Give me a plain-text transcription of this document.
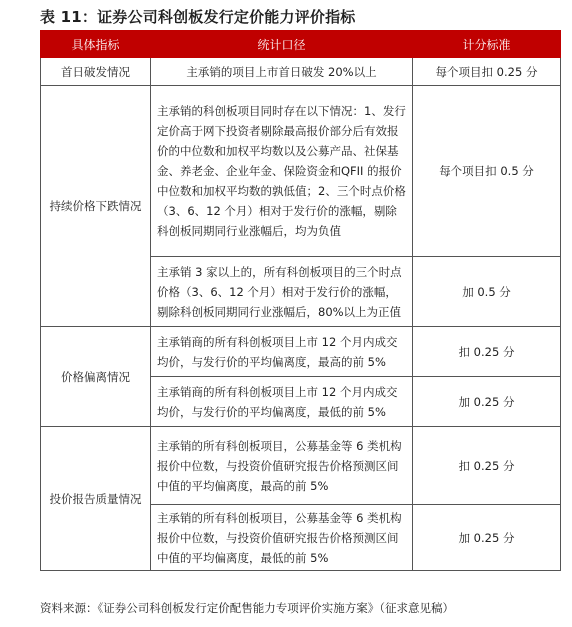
表 11：证券公司科创板发行定价能力评价指标
具体指标	统计口径	计分标准
首日破发情况	主承销的项目上市首日破发 20%以上	每个项目扣 0.25 分
持续价格下跌情况	主承销的科创板项目同时存在以下情况：1、发行定价高于网下投资者剔除最高报价部分后有效报价的中位数和加权平均数以及公募产品、社保基金、养老金、企业年金、保险资金和QFII 的报价中位数和加权平均数的孰低值；2、三个时点价格（3、6、12 个月）相对于发行价的涨幅，剔除科创板同期同行业涨幅后，均为负值	每个项目扣 0.5 分
	主承销 3 家以上的，所有科创板项目的三个时点价格（3、6、12 个月）相对于发行价的涨幅，剔除科创板同期同行业涨幅后，80%以上为正值	加 0.5 分
价格偏离情况	主承销商的所有科创板项目上市 12 个月内成交均价，与发行价的平均偏离度，最高的前 5%	扣 0.25 分
	主承销商的所有科创板项目上市 12 个月内成交均价，与发行价的平均偏离度，最低的前 5%	加 0.25 分
投价报告质量情况	主承销的所有科创板项目，公募基金等 6 类机构报价中位数，与投资价值研究报告价格预测区间中值的平均偏离度，最高的前 5%	扣 0.25 分
	主承销的所有科创板项目，公募基金等 6 类机构报价中位数，与投资价值研究报告价格预测区间中值的平均偏离度，最低的前 5%	加 0.25 分
资料来源：《证券公司科创板发行定价配售能力专项评价实施方案》（征求意见稿）
